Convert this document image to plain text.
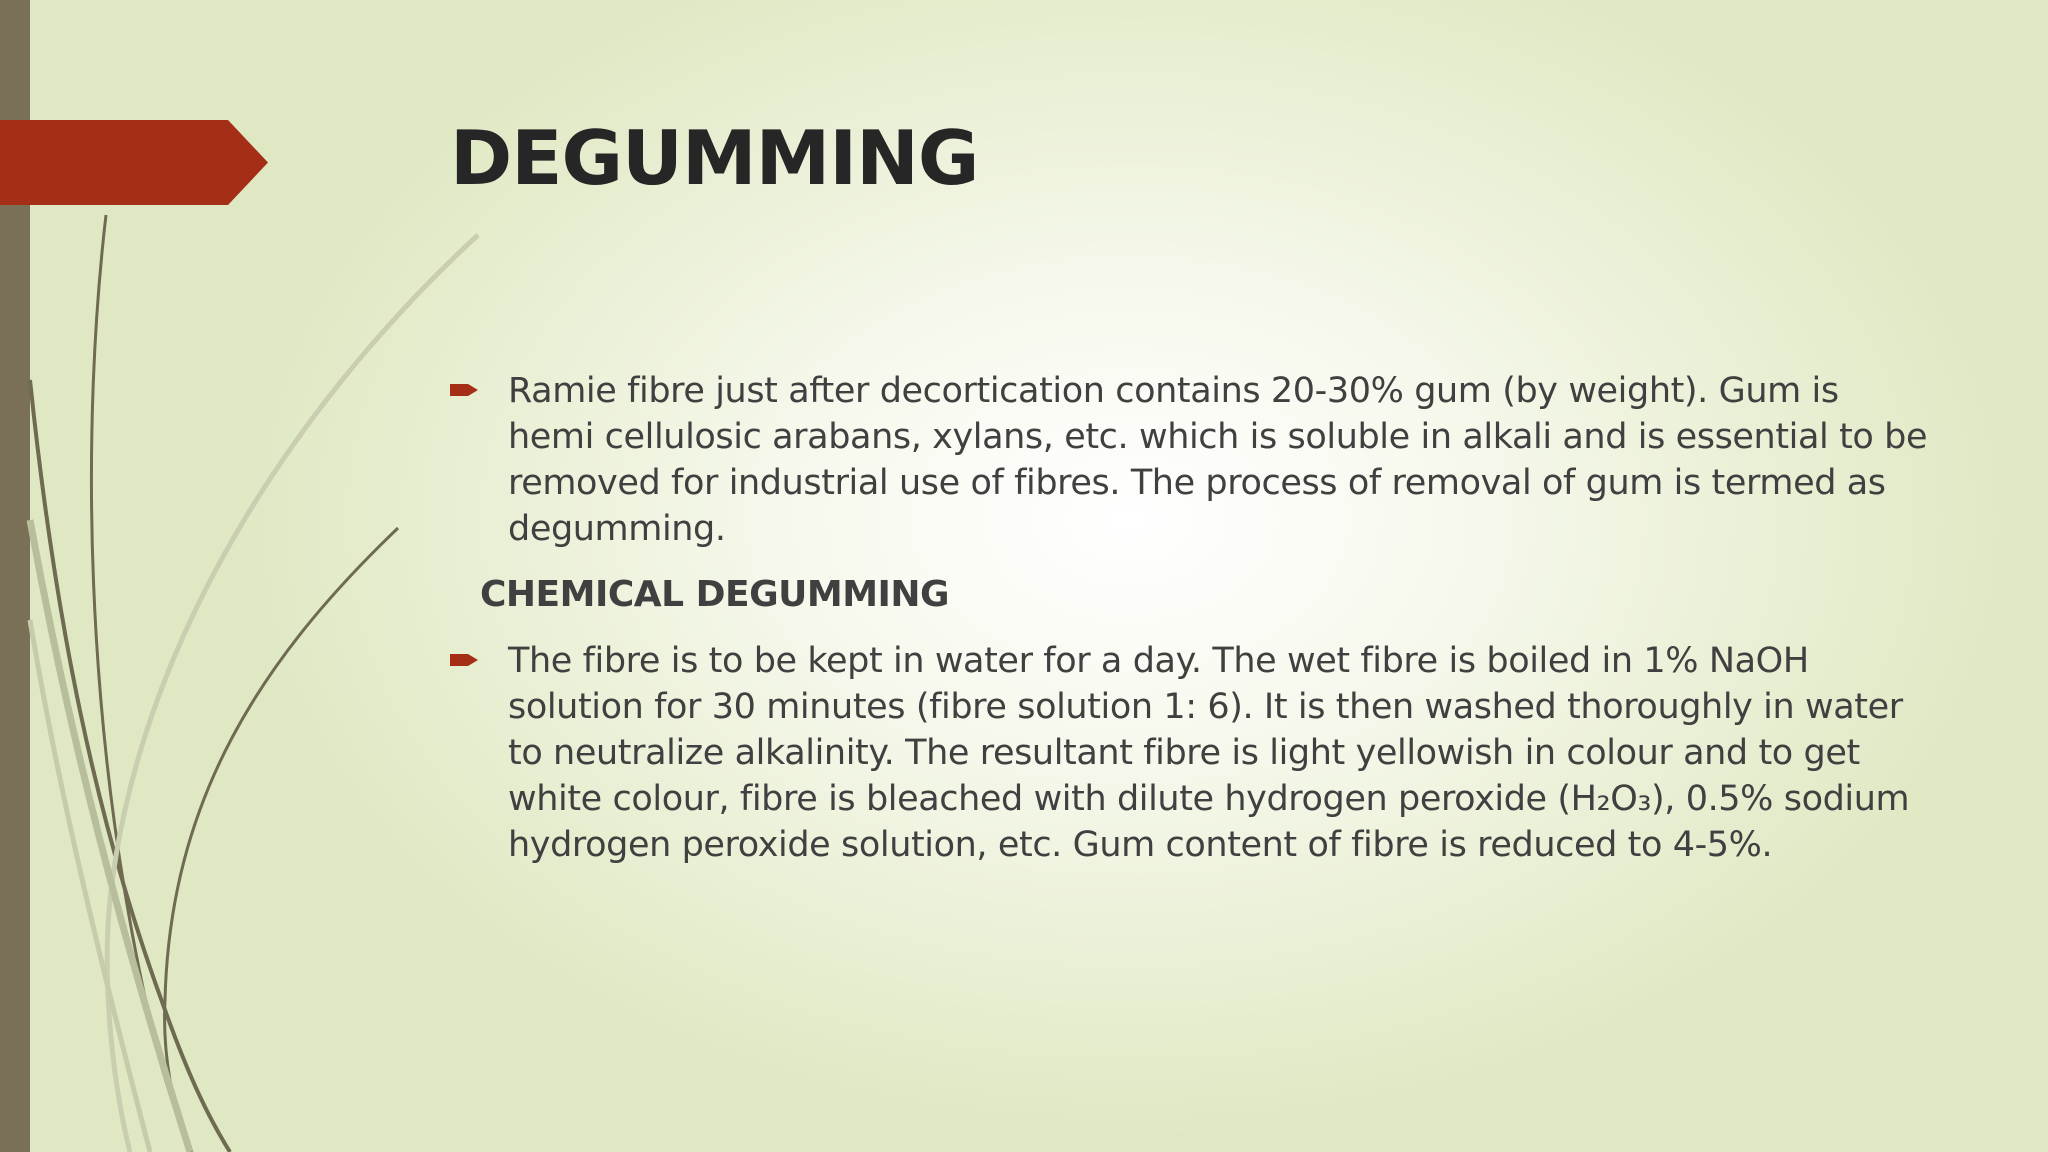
DEGUMMING
Ramie fibre just after decortication contains 20-30% gum (by weight). Gum is hemi cellulosic arabans, xylans, etc. which is soluble in alkali and is essential to be removed for industrial use of fibres. The process of removal of gum is termed as degumming.
CHEMICAL DEGUMMING
The fibre is to be kept in water for a day. The wet fibre is boiled in 1% NaOH solution for 30 minutes (fibre solution 1: 6). It is then washed thoroughly in water to neutralize alkalinity. The resultant fibre is light yellowish in colour and to get white colour, fibre is bleached with dilute hydrogen peroxide (H₂O₃), 0.5% sodium hydrogen peroxide solution, etc. Gum content of fibre is reduced to 4-5%.
